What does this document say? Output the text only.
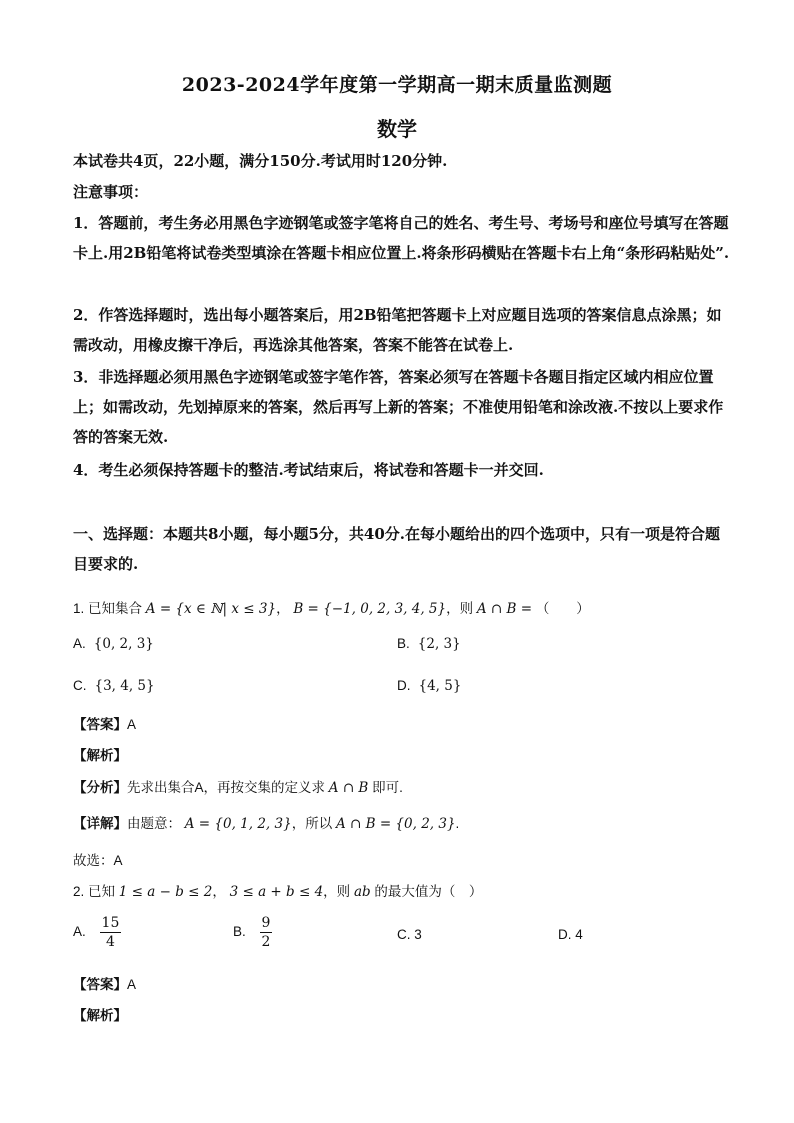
2023-2024学年度第一学期高一期末质量监测题
数学
本试卷共4页，22小题，满分150分.考试用时120分钟.
注意事项：
1．答题前，考生务必用黑色字迹钢笔或签字笔将自己的姓名、考生号、考场号和座位号填写在答题卡上.用2B铅笔将试卷类型填涂在答题卡相应位置上.将条形码横贴在答题卡右上角“条形码粘贴处”.
2．作答选择题时，选出每小题答案后，用2B铅笔把答题卡上对应题目选项的答案信息点涂黑；如需改动，用橡皮擦干净后，再选涂其他答案，答案不能答在试卷上.
3．非选择题必须用黑色字迹钢笔或签字笔作答，答案必须写在答题卡各题目指定区域内相应位置上；如需改动，先划掉原来的答案，然后再写上新的答案；不准使用铅笔和涂改液.不按以上要求作答的答案无效.
4．考生必须保持答题卡的整洁.考试结束后，将试卷和答题卡一并交回.
一、选择题：本题共8小题，每小题5分，共40分.在每小题给出的四个选项中，只有一项是符合题目要求的.
1. 已知集合 A = {x ∈ ℕ| x ≤ 3}， B = {−1, 0, 2, 3, 4, 5}，则 A ∩ B = （　　）
A. {0, 2, 3}	B. {2, 3}
C. {3, 4, 5}	D. {4, 5}
【答案】A
【解析】
【分析】先求出集合A，再按交集的定义求 A ∩ B 即可.
【详解】由题意： A = {0, 1, 2, 3}，所以 A ∩ B = {0, 2, 3}.
故选：A
2. 已知 1 ≤ a − b ≤ 2， 3 ≤ a + b ≤ 4，则 ab 的最大值为（　）
A. $\frac{15}{4}$	B. $\frac{9}{2}$	C. 3	D. 4
【答案】A
【解析】
